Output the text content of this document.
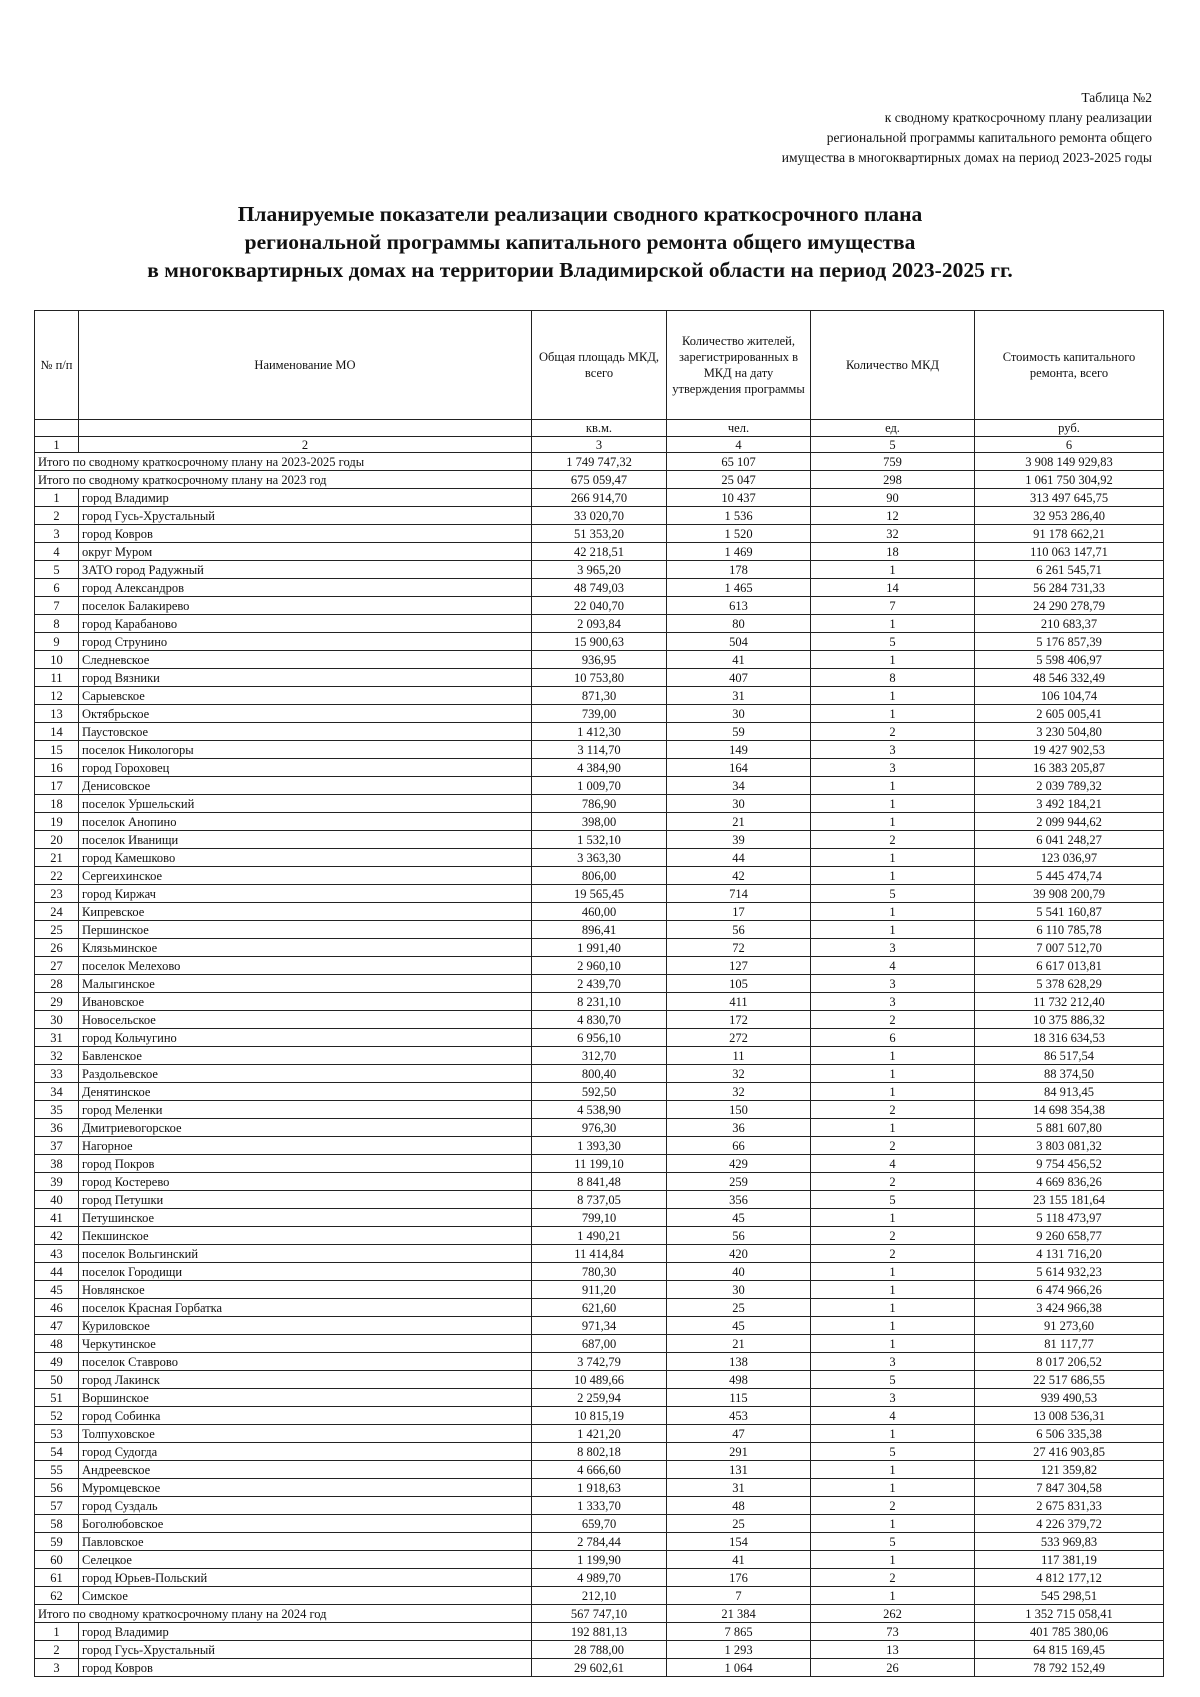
Таблица №2
к сводному краткосрочному плану реализации
региональной программы капитального ремонта общего
имущества в многоквартирных домах на период 2023-2025 годы
Планируемые показатели реализации сводного краткосрочного плана
региональной программы капитального ремонта общего имущества
в многоквартирных домах на территории Владимирской области на период 2023-2025 гг.
№ п/п	Наименование МО	Общая площадь МКД, всего	Количество жителей, зарегистрированных в МКД на дату утверждения программы	Количество МКД	Стоимость капитального ремонта, всего
		кв.м.	чел.	ед.	руб.
1	2	3	4	5	6
Итого по сводному краткосрочному плану на 2023-2025 годы		1 749 747,32	65 107	759	3 908 149 929,83
Итого по сводному краткосрочному плану на 2023 год		675 059,47	25 047	298	1 061 750 304,92
1	город Владимир	266 914,70	10 437	90	313 497 645,75
2	город Гусь-Хрустальный	33 020,70	1 536	12	32 953 286,40
3	город Ковров	51 353,20	1 520	32	91 178 662,21
4	округ Муром	42 218,51	1 469	18	110 063 147,71
5	ЗАТО город Радужный	3 965,20	178	1	6 261 545,71
6	город Александров	48 749,03	1 465	14	56 284 731,33
7	поселок Балакирево	22 040,70	613	7	24 290 278,79
8	город Карабаново	2 093,84	80	1	210 683,37
9	город Струнино	15 900,63	504	5	5 176 857,39
10	Следневское	936,95	41	1	5 598 406,97
11	город Вязники	10 753,80	407	8	48 546 332,49
12	Сарыевское	871,30	31	1	106 104,74
13	Октябрьское	739,00	30	1	2 605 005,41
14	Паустовское	1 412,30	59	2	3 230 504,80
15	поселок Никологоры	3 114,70	149	3	19 427 902,53
16	город Гороховец	4 384,90	164	3	16 383 205,87
17	Денисовское	1 009,70	34	1	2 039 789,32
18	поселок Уршельский	786,90	30	1	3 492 184,21
19	поселок Анопино	398,00	21	1	2 099 944,62
20	поселок Иванищи	1 532,10	39	2	6 041 248,27
21	город Камешково	3 363,30	44	1	123 036,97
22	Сергеихинское	806,00	42	1	5 445 474,74
23	город Киржач	19 565,45	714	5	39 908 200,79
24	Кипревское	460,00	17	1	5 541 160,87
25	Першинское	896,41	56	1	6 110 785,78
26	Клязьминское	1 991,40	72	3	7 007 512,70
27	поселок Мелехово	2 960,10	127	4	6 617 013,81
28	Малыгинское	2 439,70	105	3	5 378 628,29
29	Ивановское	8 231,10	411	3	11 732 212,40
30	Новосельское	4 830,70	172	2	10 375 886,32
31	город Кольчугино	6 956,10	272	6	18 316 634,53
32	Бавленское	312,70	11	1	86 517,54
33	Раздольевское	800,40	32	1	88 374,50
34	Денятинское	592,50	32	1	84 913,45
35	город Меленки	4 538,90	150	2	14 698 354,38
36	Дмитриевогорское	976,30	36	1	5 881 607,80
37	Нагорное	1 393,30	66	2	3 803 081,32
38	город Покров	11 199,10	429	4	9 754 456,52
39	город Костерево	8 841,48	259	2	4 669 836,26
40	город Петушки	8 737,05	356	5	23 155 181,64
41	Петушинское	799,10	45	1	5 118 473,97
42	Пекшинское	1 490,21	56	2	9 260 658,77
43	поселок Вольгинский	11 414,84	420	2	4 131 716,20
44	поселок Городищи	780,30	40	1	5 614 932,23
45	Новлянское	911,20	30	1	6 474 966,26
46	поселок Красная Горбатка	621,60	25	1	3 424 966,38
47	Куриловское	971,34	45	1	91 273,60
48	Черкутинское	687,00	21	1	81 117,77
49	поселок Ставрово	3 742,79	138	3	8 017 206,52
50	город Лакинск	10 489,66	498	5	22 517 686,55
51	Воршинское	2 259,94	115	3	939 490,53
52	город Собинка	10 815,19	453	4	13 008 536,31
53	Толпуховское	1 421,20	47	1	6 506 335,38
54	город Судогда	8 802,18	291	5	27 416 903,85
55	Андреевское	4 666,60	131	1	121 359,82
56	Муромцевское	1 918,63	31	1	7 847 304,58
57	город Суздаль	1 333,70	48	2	2 675 831,33
58	Боголюбовское	659,70	25	1	4 226 379,72
59	Павловское	2 784,44	154	5	533 969,83
60	Селецкое	1 199,90	41	1	117 381,19
61	город Юрьев-Польский	4 989,70	176	2	4 812 177,12
62	Симское	212,10	7	1	545 298,51
Итого по сводному краткосрочному плану на 2024 год		567 747,10	21 384	262	1 352 715 058,41
1	город Владимир	192 881,13	7 865	73	401 785 380,06
2	город Гусь-Хрустальный	28 788,00	1 293	13	64 815 169,45
3	город Ковров	29 602,61	1 064	26	78 792 152,49
